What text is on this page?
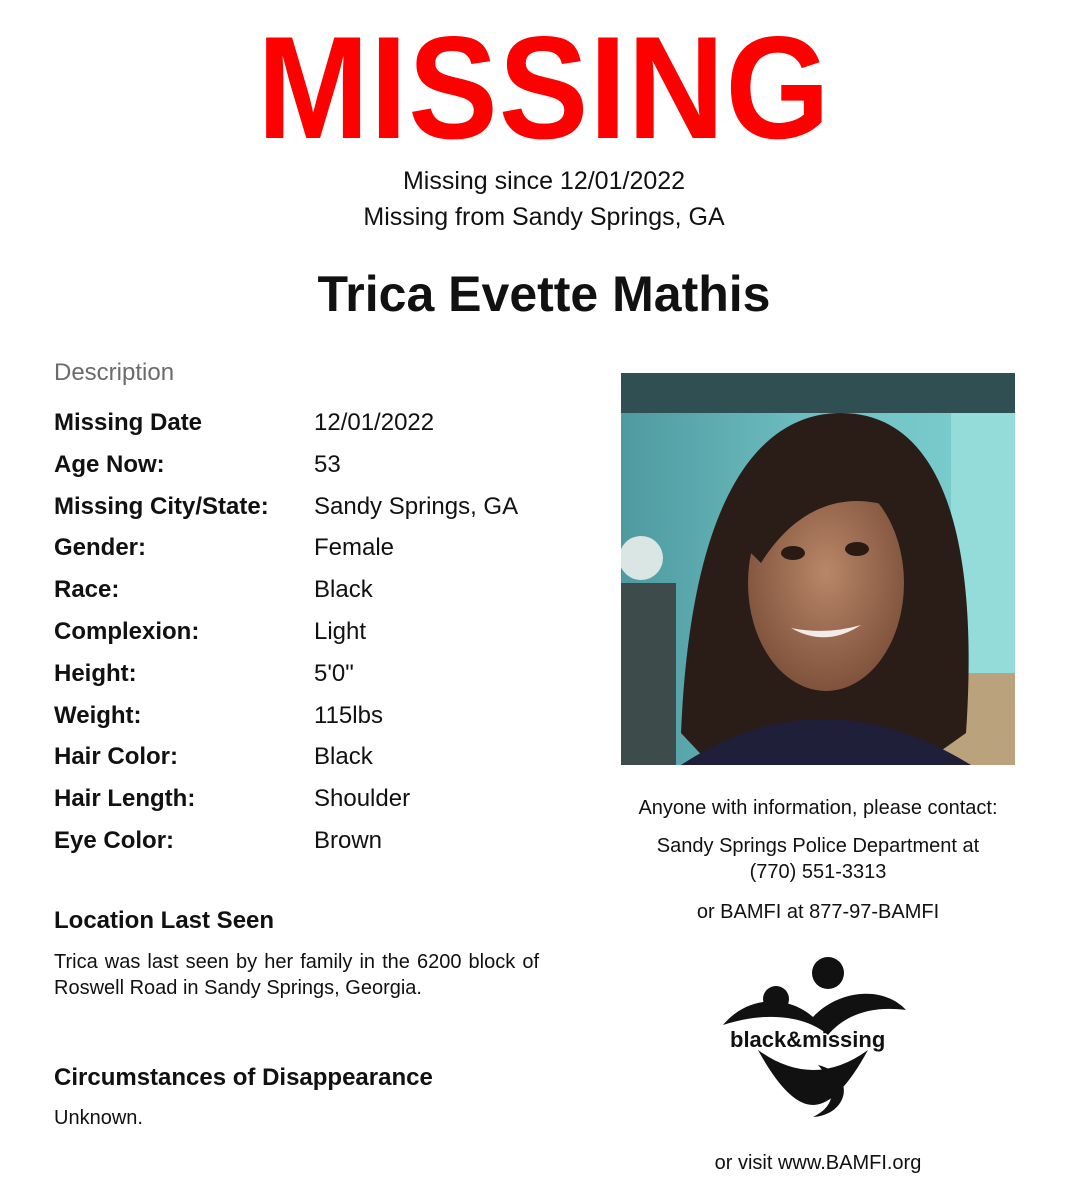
MISSING
Missing since 12/01/2022
Missing from Sandy Springs, GA
Trica Evette Mathis
Description
Missing Date	12/01/2022
Age Now:	53
Missing City/State: Sandy Springs, GA
Gender:	Female
Race:	Black
Complexion:	Light
Height:	5'0"
Weight:	115lbs
Hair Color:	Black
Hair Length:	Shoulder
Eye Color:	Brown
Location Last Seen
Trica was last seen by her family in the 6200 block of Roswell Road in Sandy Springs, Georgia.
Circumstances of Disappearance
Unknown.
Anyone with information, please contact:
Sandy Springs Police Department at
(770) 551-3313
or BAMFI at 877-97-BAMFI
black&missing
or visit www.BAMFI.org
